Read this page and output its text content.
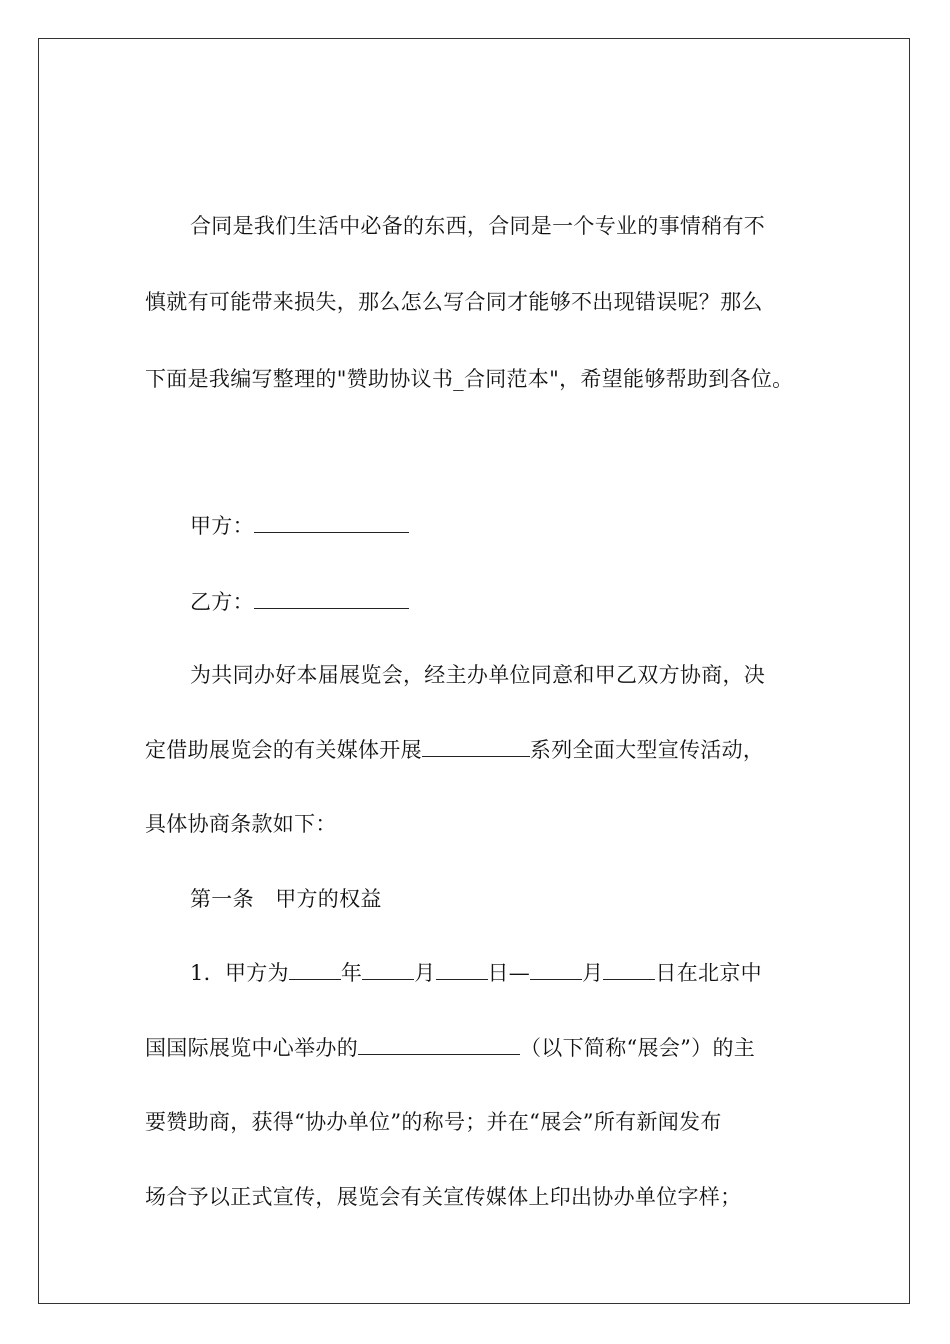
合同是我们生活中必备的东西，合同是一个专业的事情稍有不
慎就有可能带来损失，那么怎么写合同才能够不出现错误呢？那么
下面是我编写整理的"赞助协议书_合同范本"，希望能够帮助到各位。
甲方：
乙方：
为共同办好本届展览会，经主办单位同意和甲乙双方协商，决
定借助展览会的有关媒体开展	系列全面大型宣传活动，
具体协商条款如下：
第一条　甲方的权益
1．甲方为 年 月 日— 月 日在北京中
国国际展览中心举办的	（以下简称“展会”）的主
要赞助商，获得“协办单位”的称号；并在“展会”所有新闻发布
场合予以正式宣传，展览会有关宣传媒体上印出协办单位字样；
